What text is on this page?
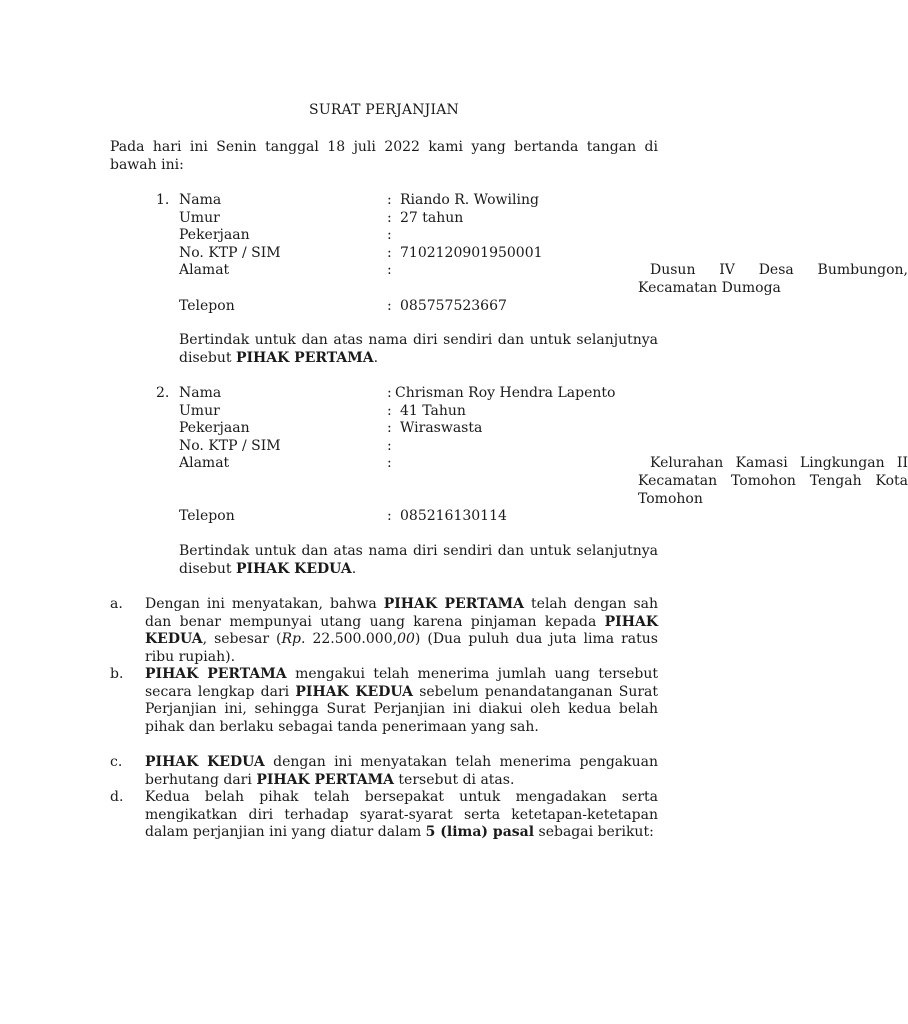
SURAT PERJANJIAN
Pada hari ini Senin tanggal 18 juli 2022 kami yang bertanda tangan di bawah ini:
1. Nama	: Riando R. Wowiling
Umur	: 27 tahun
Pekerjaan	:
No. KTP / SIM	: 7102120901950001
Alamat	:	Dusun IV Desa Bumbungon, Kecamatan Dumoga
Telepon	: 085757523667
Bertindak untuk dan atas nama diri sendiri dan untuk selanjutnya disebut PIHAK PERTAMA.
2. Nama	: Chrisman Roy Hendra Lapento
Umur	: 41 Tahun
Pekerjaan	: Wiraswasta
No. KTP / SIM	:
Alamat	:	Kelurahan Kamasi Lingkungan II Kecamatan Tomohon Tengah Kota Tomohon
Telepon	: 085216130114
Bertindak untuk dan atas nama diri sendiri dan untuk selanjutnya disebut PIHAK KEDUA.
a. Dengan ini menyatakan, bahwa PIHAK PERTAMA telah dengan sah dan benar mempunyai utang uang karena pinjaman kepada PIHAK KEDUA, sebesar (Rp. 22.500.000,00) (Dua puluh dua juta lima ratus ribu rupiah).
b. PIHAK PERTAMA mengakui telah menerima jumlah uang tersebut secara lengkap dari PIHAK KEDUA sebelum penandatanganan Surat Perjanjian ini, sehingga Surat Perjanjian ini diakui oleh kedua belah pihak dan berlaku sebagai tanda penerimaan yang sah.
c. PIHAK KEDUA dengan ini menyatakan telah menerima pengakuan berhutang dari PIHAK PERTAMA tersebut di atas.
d. Kedua belah pihak telah bersepakat untuk mengadakan serta mengikatkan diri terhadap syarat-syarat serta ketetapan-ketetapan dalam perjanjian ini yang diatur dalam 5 (lima) pasal sebagai berikut:
